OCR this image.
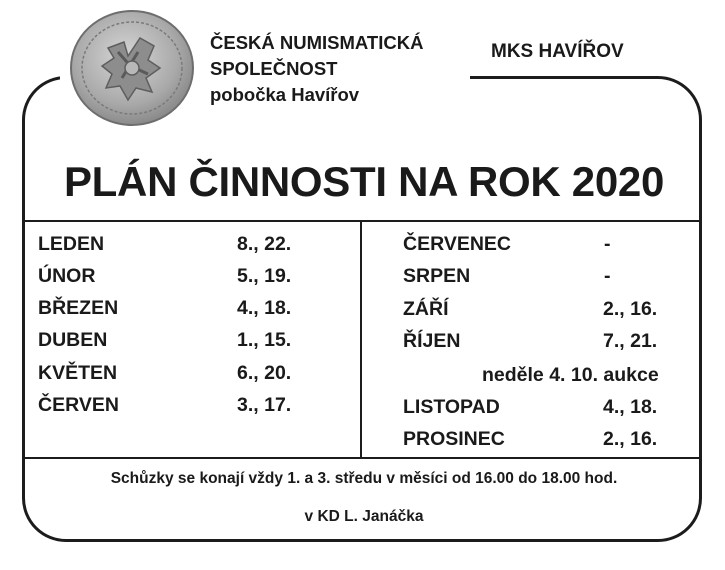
ČESKÁ NUMISMATICKÁ
SPOLEČNOST
pobočka Havířov
MKS HAVÍŘOV
PLÁN ČINNOSTI NA ROK 2020
LEDEN	8., 22.
ÚNOR	5., 19.
BŘEZEN	4., 18.
DUBEN	1., 15.
KVĚTEN	6., 20.
ČERVEN	3., 17.
ČERVENEC	-
SRPEN	-
ZÁŘÍ	2., 16.
ŘÍJEN	7., 21.
neděle 4. 10. aukce
LISTOPAD	4., 18.
PROSINEC	2., 16.
Schůzky se konají vždy 1. a 3. středu v měsíci od 16.00 do 18.00 hod.
v KD L. Janáčka
